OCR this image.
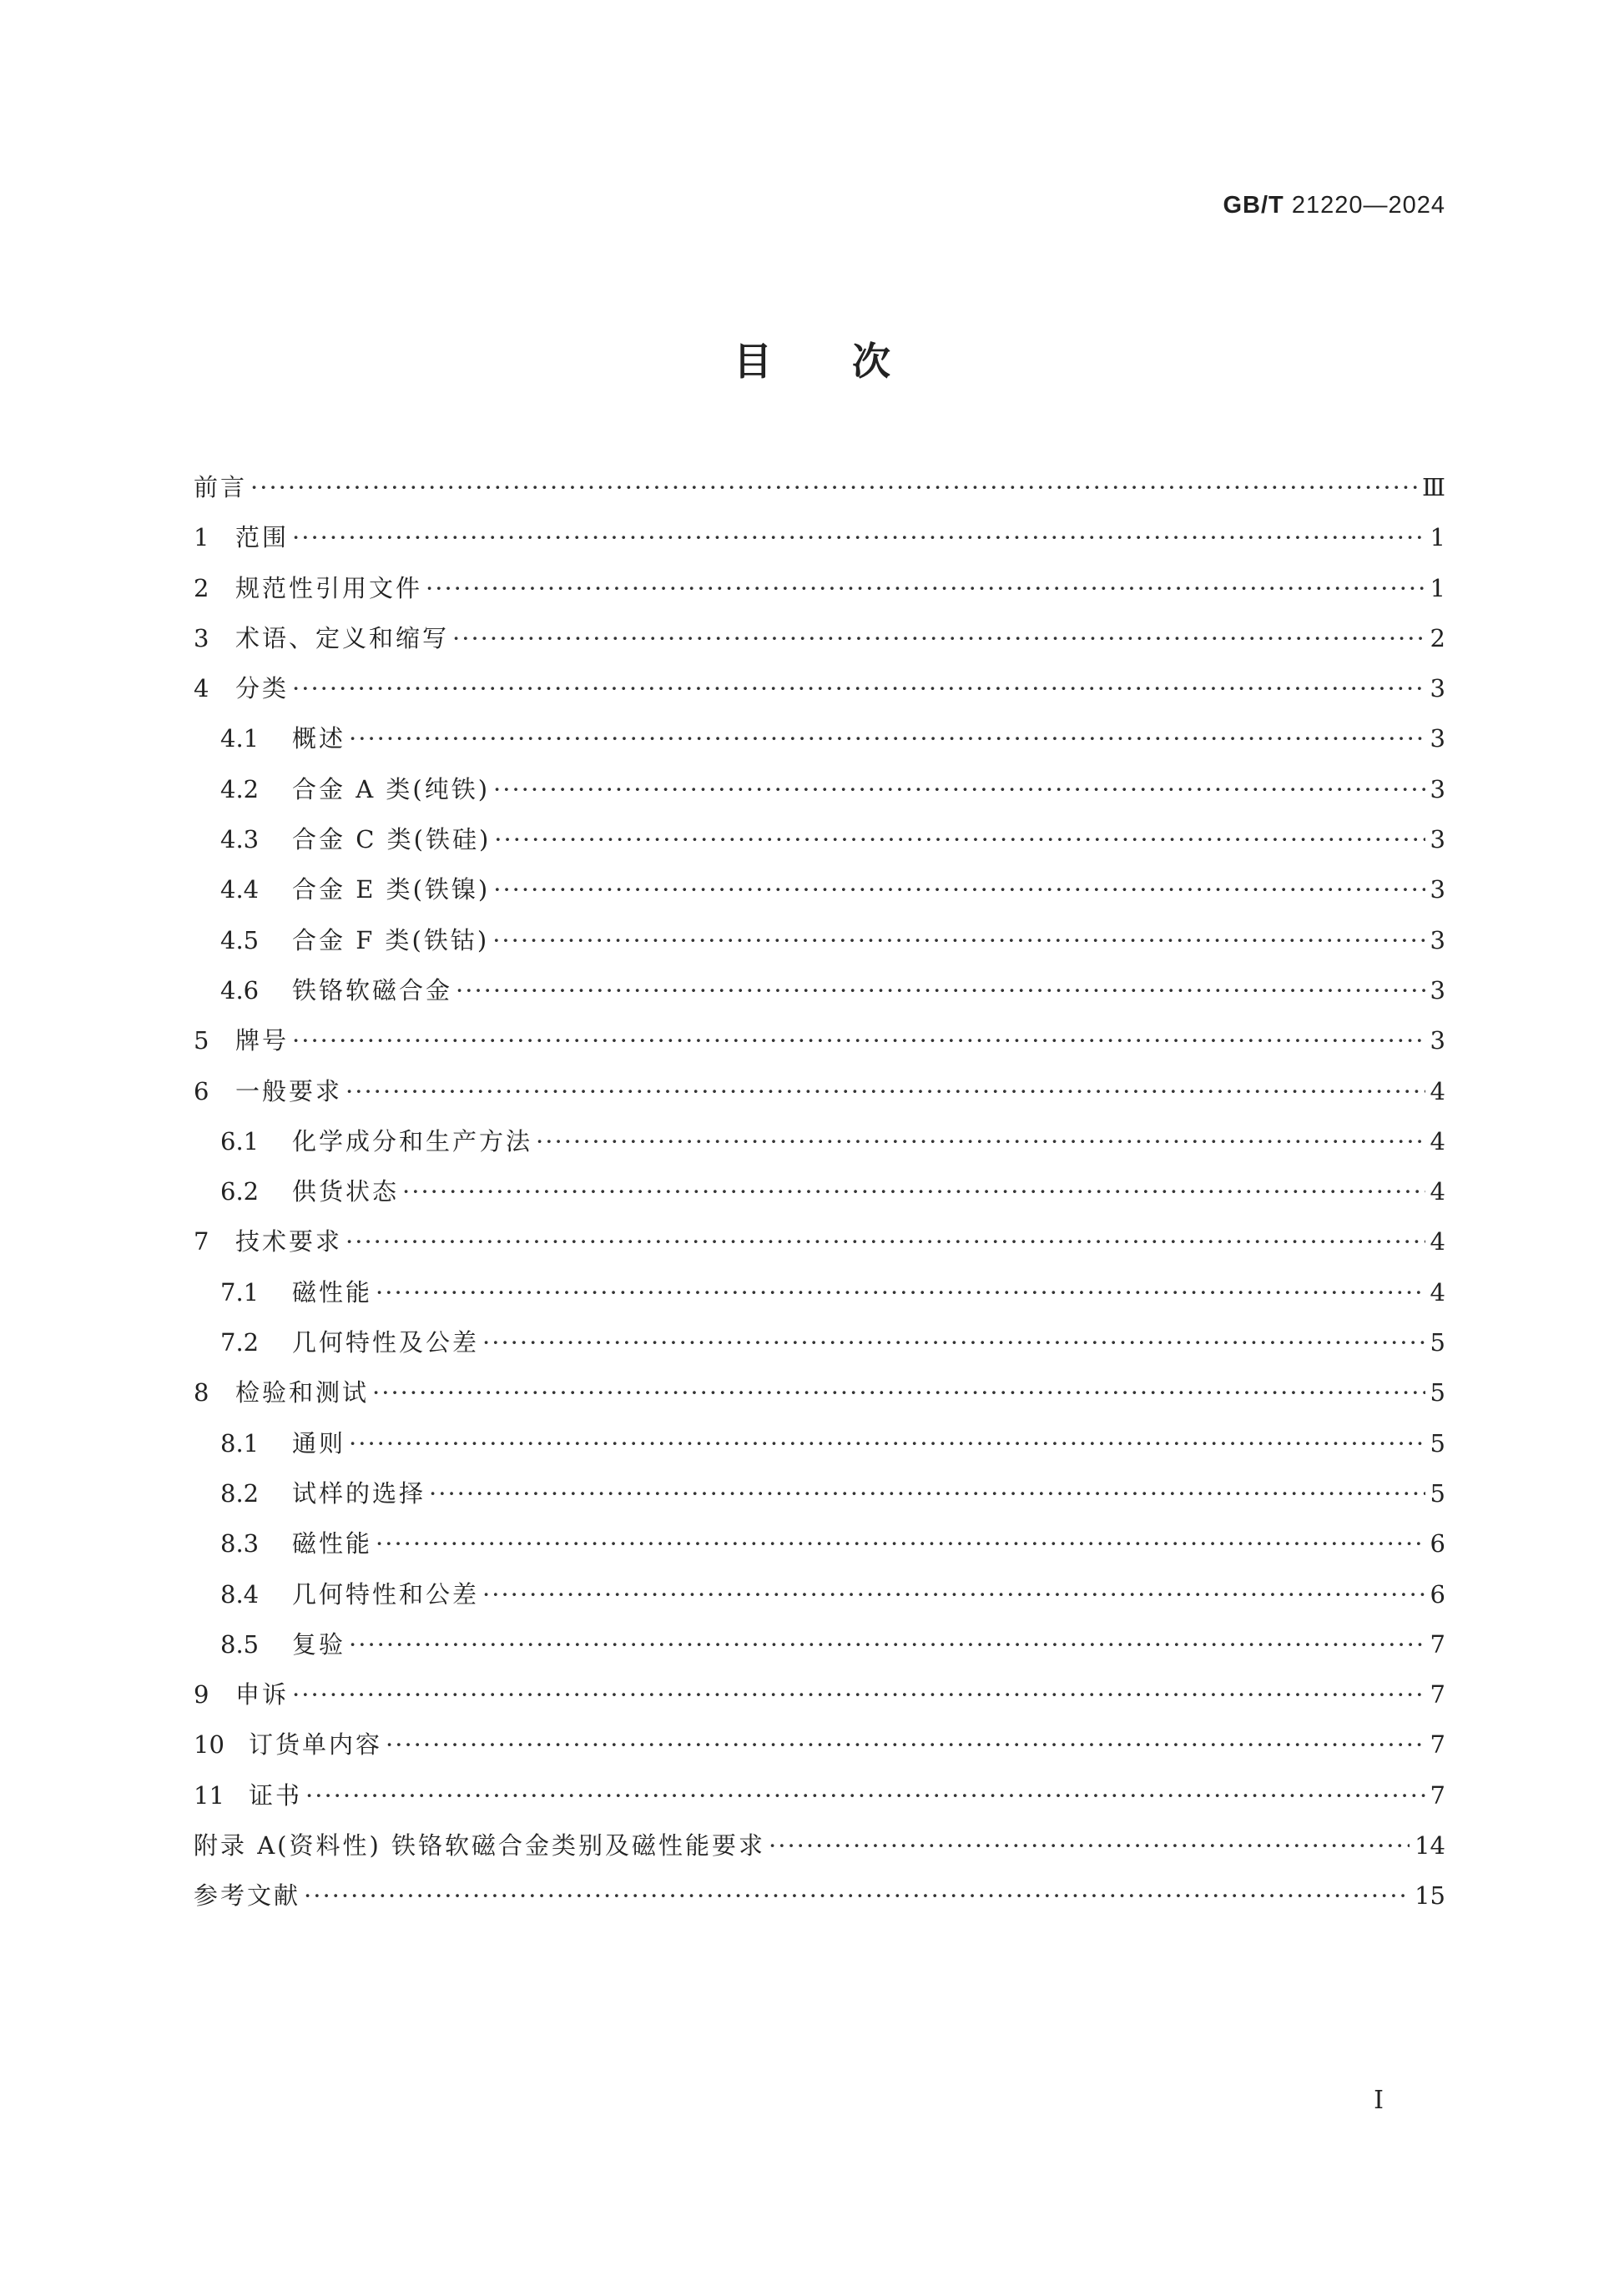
GB/T 21220—2024
目 次
前言 ·····	Ⅲ
1	范围 ·····	1
2	规范性引用文件 ·····	1
3	术语、定义和缩写 ·····	2
4	分类 ·····	3
4.1	概述 ·····	3
4.2	合金 A 类(纯铁) ·····	3
4.3	合金 C 类(铁硅) ·····	3
4.4	合金 E 类(铁镍) ·····	3
4.5	合金 F 类(铁钴) ·····	3
4.6	铁铬软磁合金 ·····	3
5	牌号 ·····	3
6	一般要求 ·····	4
6.1	化学成分和生产方法 ·····	4
6.2	供货状态 ·····	4
7	技术要求 ·····	4
7.1	磁性能 ·····	4
7.2	几何特性及公差 ·····	5
8	检验和测试 ·····	5
8.1	通则 ·····	5
8.2	试样的选择 ·····	5
8.3	磁性能 ·····	6
8.4	几何特性和公差 ·····	6
8.5	复验 ·····	7
9	申诉 ·····	7
10	订货单内容 ·····	7
11	证书 ·····	7
附录 A(资料性) 铁铬软磁合金类别及磁性能要求 ·····	14
参考文献 ·····	15
I
